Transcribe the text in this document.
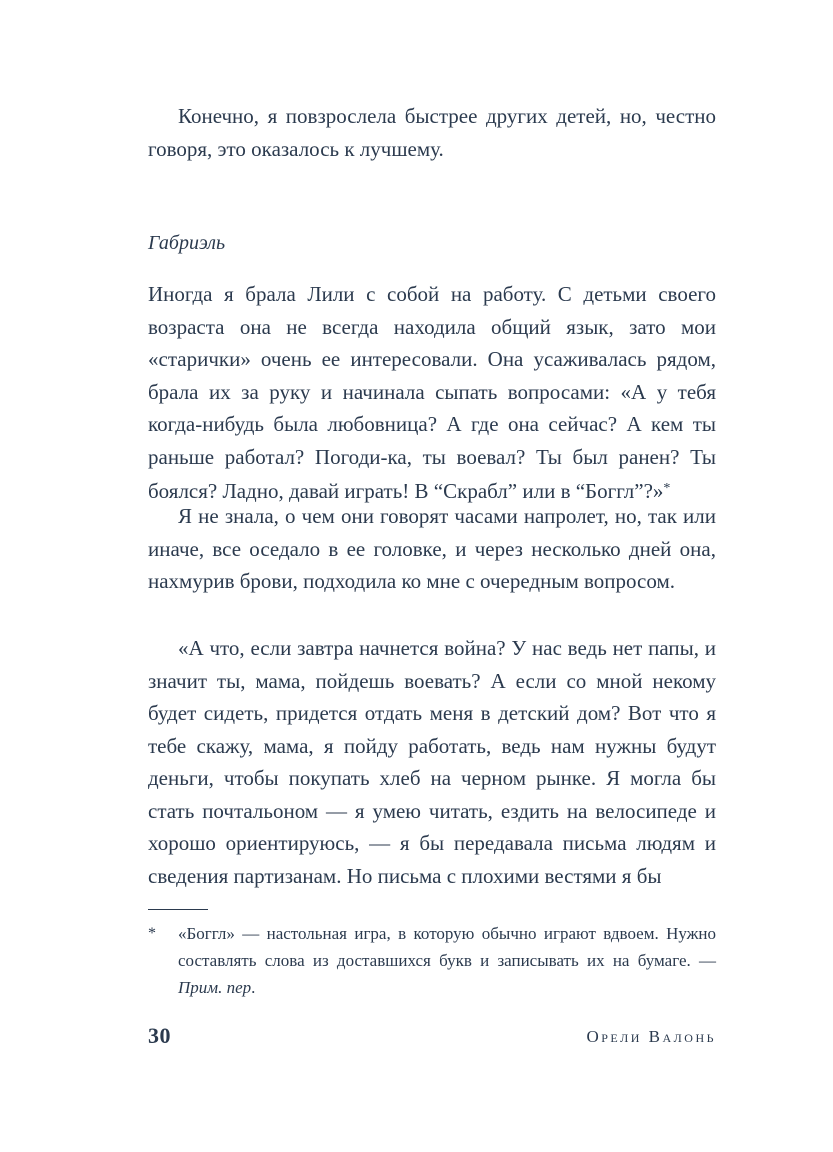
Конечно, я повзрослела быстрее других детей, но, честно говоря, это оказалось к лучшему.

Габриэль

Иногда я брала Лили с собой на работу. С детьми своего возраста она не всегда находила общий язык, зато мои «старички» очень ее интересовали. Она усаживалась рядом, брала их за руку и начинала сыпать вопросами: «А у тебя когда-нибудь была любовница? А где она сейчас? А кем ты раньше работал? Погоди-ка, ты воевал? Ты был ранен? Ты боялся? Ладно, давай играть! В “Скрабл” или в “Боггл”?»*

Я не знала, о чем они говорят часами напролет, но, так или иначе, все оседало в ее головке, и через несколько дней она, нахмурив брови, подходила ко мне с очередным вопросом.

«А что, если завтра начнется война? У нас ведь нет папы, и значит ты, мама, пойдешь воевать? А если со мной некому будет сидеть, придется отдать меня в детский дом? Вот что я тебе скажу, мама, я пойду работать, ведь нам нужны будут деньги, чтобы покупать хлеб на черном рынке. Я могла бы стать почтальоном — я умею читать, ездить на велосипеде и хорошо ориентируюсь, — я бы передавала письма людям и сведения партизанам. Но письма с плохими вестями я бы

* «Боггл» — настольная игра, в которую обычно играют вдвоем. Нужно составлять слова из доставшихся букв и записывать их на бумаге. — Прим. пер.

30	Орели Валонь
